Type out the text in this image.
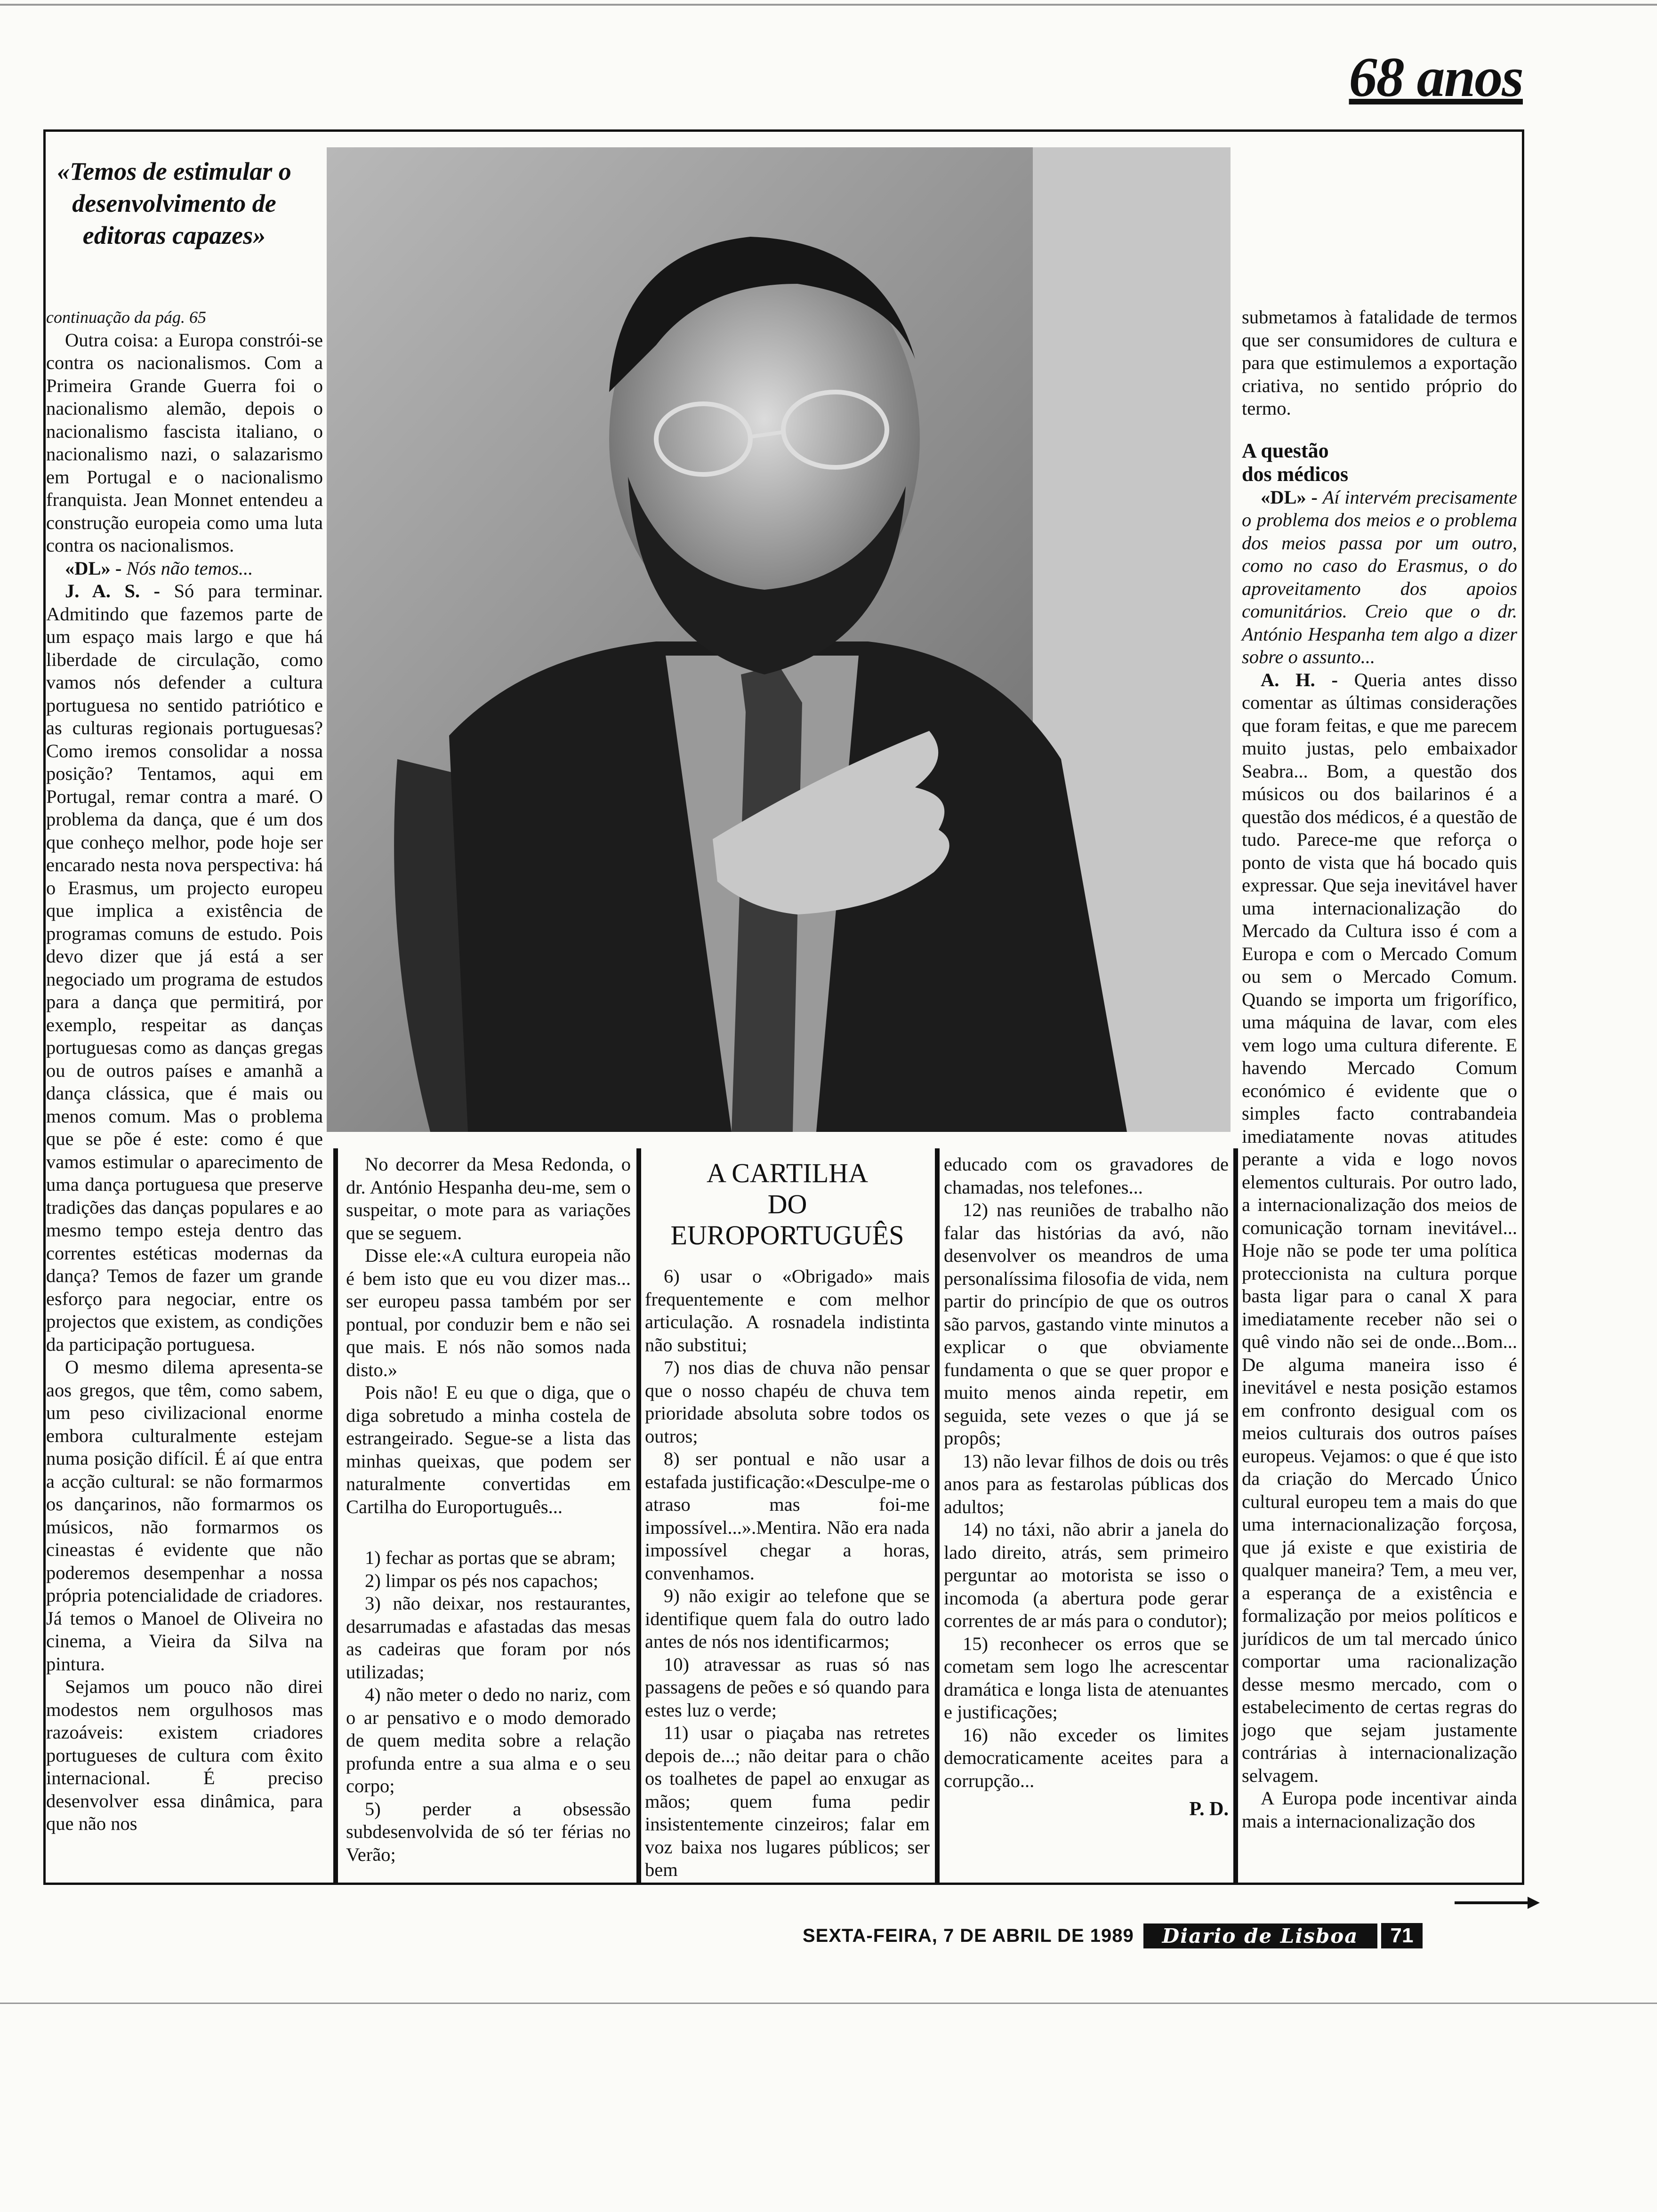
68 anos
«Temos de estimular o desenvolvimento de editoras capazes»

continuação da pág. 65

Outra coisa: a Europa constrói-se contra os nacionalismos. Com a Primeira Grande Guerra foi o nacionalismo alemão, depois o nacionalismo fascista italiano, o nacionalismo nazi, o salazarismo em Portugal e o nacionalismo franquista. Jean Monnet entendeu a construção europeia como uma luta contra os nacionalismos.

«DL» - Nós não temos...

J. A. S. - Só para terminar. Admitindo que fazemos parte de um espaço mais largo e que há liberdade de circulação, como vamos nós defender a cultura portuguesa no sentido patriótico e as culturas regionais portuguesas? Como iremos consolidar a nossa posição? Tentamos, aqui em Portugal, remar contra a maré. O problema da dança, que é um dos que conheço melhor, pode hoje ser encarado nesta nova perspectiva: há o Erasmus, um projecto europeu que implica a existência de programas comuns de estudo. Pois devo dizer que já está a ser negociado um programa de estudos para a dança que permitirá, por exemplo, respeitar as danças portuguesas como as danças gregas ou de outros países e amanhã a dança clássica, que é mais ou menos comum. Mas o problema que se põe é este: como é que vamos estimular o aparecimento de uma dança portuguesa que preserve tradições das danças populares e ao mesmo tempo esteja dentro das correntes estéticas modernas da dança? Temos de fazer um grande esforço para negociar, entre os projectos que existem, as condições da participação portuguesa.

O mesmo dilema apresenta-se aos gregos, que têm, como sabem, um peso civilizacional enorme embora culturalmente estejam numa posição difícil. É aí que entra a acção cultural: se não formarmos os dançarinos, não formarmos os músicos, não formarmos os cineastas é evidente que não poderemos desempenhar a nossa própria potencialidade de criadores. Já temos o Manoel de Oliveira no cinema, a Vieira da Silva na pintura.

Sejamos um pouco não direi modestos nem orgulhosos mas razoáveis: existem criadores portugueses de cultura com êxito internacional. É preciso desenvolver essa dinâmica, para que não nos

No decorrer da Mesa Redonda, o dr. António Hespanha deu-me, sem o suspeitar, o mote para as variações que se seguem.

Disse ele:«A cultura europeia não é bem isto que eu vou dizer mas... ser europeu passa também por ser pontual, por conduzir bem e não sei que mais. E nós não somos nada disto.»

Pois não! E eu que o diga, que o diga sobretudo a minha costela de estrangeirado. Segue-se a lista das minhas queixas, que podem ser naturalmente convertidas em Cartilha do Europortuguês...

1) fechar as portas que se abram;

2) limpar os pés nos capachos;

3) não deixar, nos restaurantes, desarrumadas e afastadas das mesas as cadeiras que foram por nós utilizadas;

4) não meter o dedo no nariz, com o ar pensativo e o modo demorado de quem medita sobre a relação profunda entre a sua alma e o seu corpo;

5) perder a obsessão subdesenvolvida de só ter férias no Verão;

A CARTILHA
DO
EUROPORTUGUÊS

6) usar o «Obrigado» mais frequentemente e com melhor articulação. A rosnadela indistinta não substitui;

7) nos dias de chuva não pensar que o nosso chapéu de chuva tem prioridade absoluta sobre todos os outros;

8) ser pontual e não usar a estafada justificação:«Desculpe-me o atraso mas foi-me impossível...».Mentira. Não era nada impossível chegar a horas, convenhamos.

9) não exigir ao telefone que se identifique quem fala do outro lado antes de nós nos identificarmos;

10) atravessar as ruas só nas passagens de peões e só quando para estes luz o verde;

11) usar o piaçaba nas retretes depois de...; não deitar para o chão os toalhetes de papel ao enxugar as mãos; quem fuma pedir insistentemente cinzeiros; falar em voz baixa nos lugares públicos; ser bem

educado com os gravadores de chamadas, nos telefones...

12) nas reuniões de trabalho não falar das histórias da avó, não desenvolver os meandros de uma personalíssima filosofia de vida, nem partir do princípio de que os outros são parvos, gastando vinte minutos a explicar o que obviamente fundamenta o que se quer propor e muito menos ainda repetir, em seguida, sete vezes o que já se propôs;

13) não levar filhos de dois ou três anos para as festarolas públicas dos adultos;

14) no táxi, não abrir a janela do lado direito, atrás, sem primeiro perguntar ao motorista se isso o incomoda (a abertura pode gerar correntes de ar más para o condutor);

15) reconhecer os erros que se cometam sem logo lhe acrescentar dramática e longa lista de atenuantes e justificações;

16) não exceder os limites democraticamente aceites para a corrupção...

P. D.

submetamos à fatalidade de termos que ser consumidores de cultura e para que estimulemos a exportação criativa, no sentido próprio do termo.

A questão
dos médicos

«DL» - Aí intervém precisamente o problema dos meios e o problema dos meios passa por um outro, como no caso do Erasmus, o do aproveitamento dos apoios comunitários. Creio que o dr. António Hespanha tem algo a dizer sobre o assunto...

A. H. - Queria antes disso comentar as últimas considerações que foram feitas, e que me parecem muito justas, pelo embaixador Seabra... Bom, a questão dos músicos ou dos bailarinos é a questão dos médicos, é a questão de tudo. Parece-me que reforça o ponto de vista que há bocado quis expressar. Que seja inevitável haver uma internacionalização do Mercado da Cultura isso é com a Europa e com o Mercado Comum ou sem o Mercado Comum. Quando se importa um frigorífico, uma máquina de lavar, com eles vem logo uma cultura diferente. E havendo Mercado Comum económico é evidente que o simples facto contrabandeia imediatamente novas atitudes perante a vida e logo novos elementos culturais. Por outro lado, a internacionalização dos meios de comunicação tornam inevitável... Hoje não se pode ter uma política proteccionista na cultura porque basta ligar para o canal X para imediatamente receber não sei o quê vindo não sei de onde...Bom... De alguma maneira isso é inevitável e nesta posição estamos em confronto desigual com os meios culturais dos outros países europeus. Vejamos: o que é que isto da criação do Mercado Único cultural europeu tem a mais do que uma internacionalização forçosa, que já existe e que existiria de qualquer maneira? Tem, a meu ver, a esperança de a existência e formalização por meios políticos e jurídicos de um tal mercado único comportar uma racionalização desse mesmo mercado, com o estabelecimento de certas regras do jogo que sejam justamente contrárias à internacionalização selvagem.

A Europa pode incentivar ainda mais a internacionalização dos

SEXTA-FEIRA, 7 DE ABRIL DE 1989	Diario de Lisboa	71
